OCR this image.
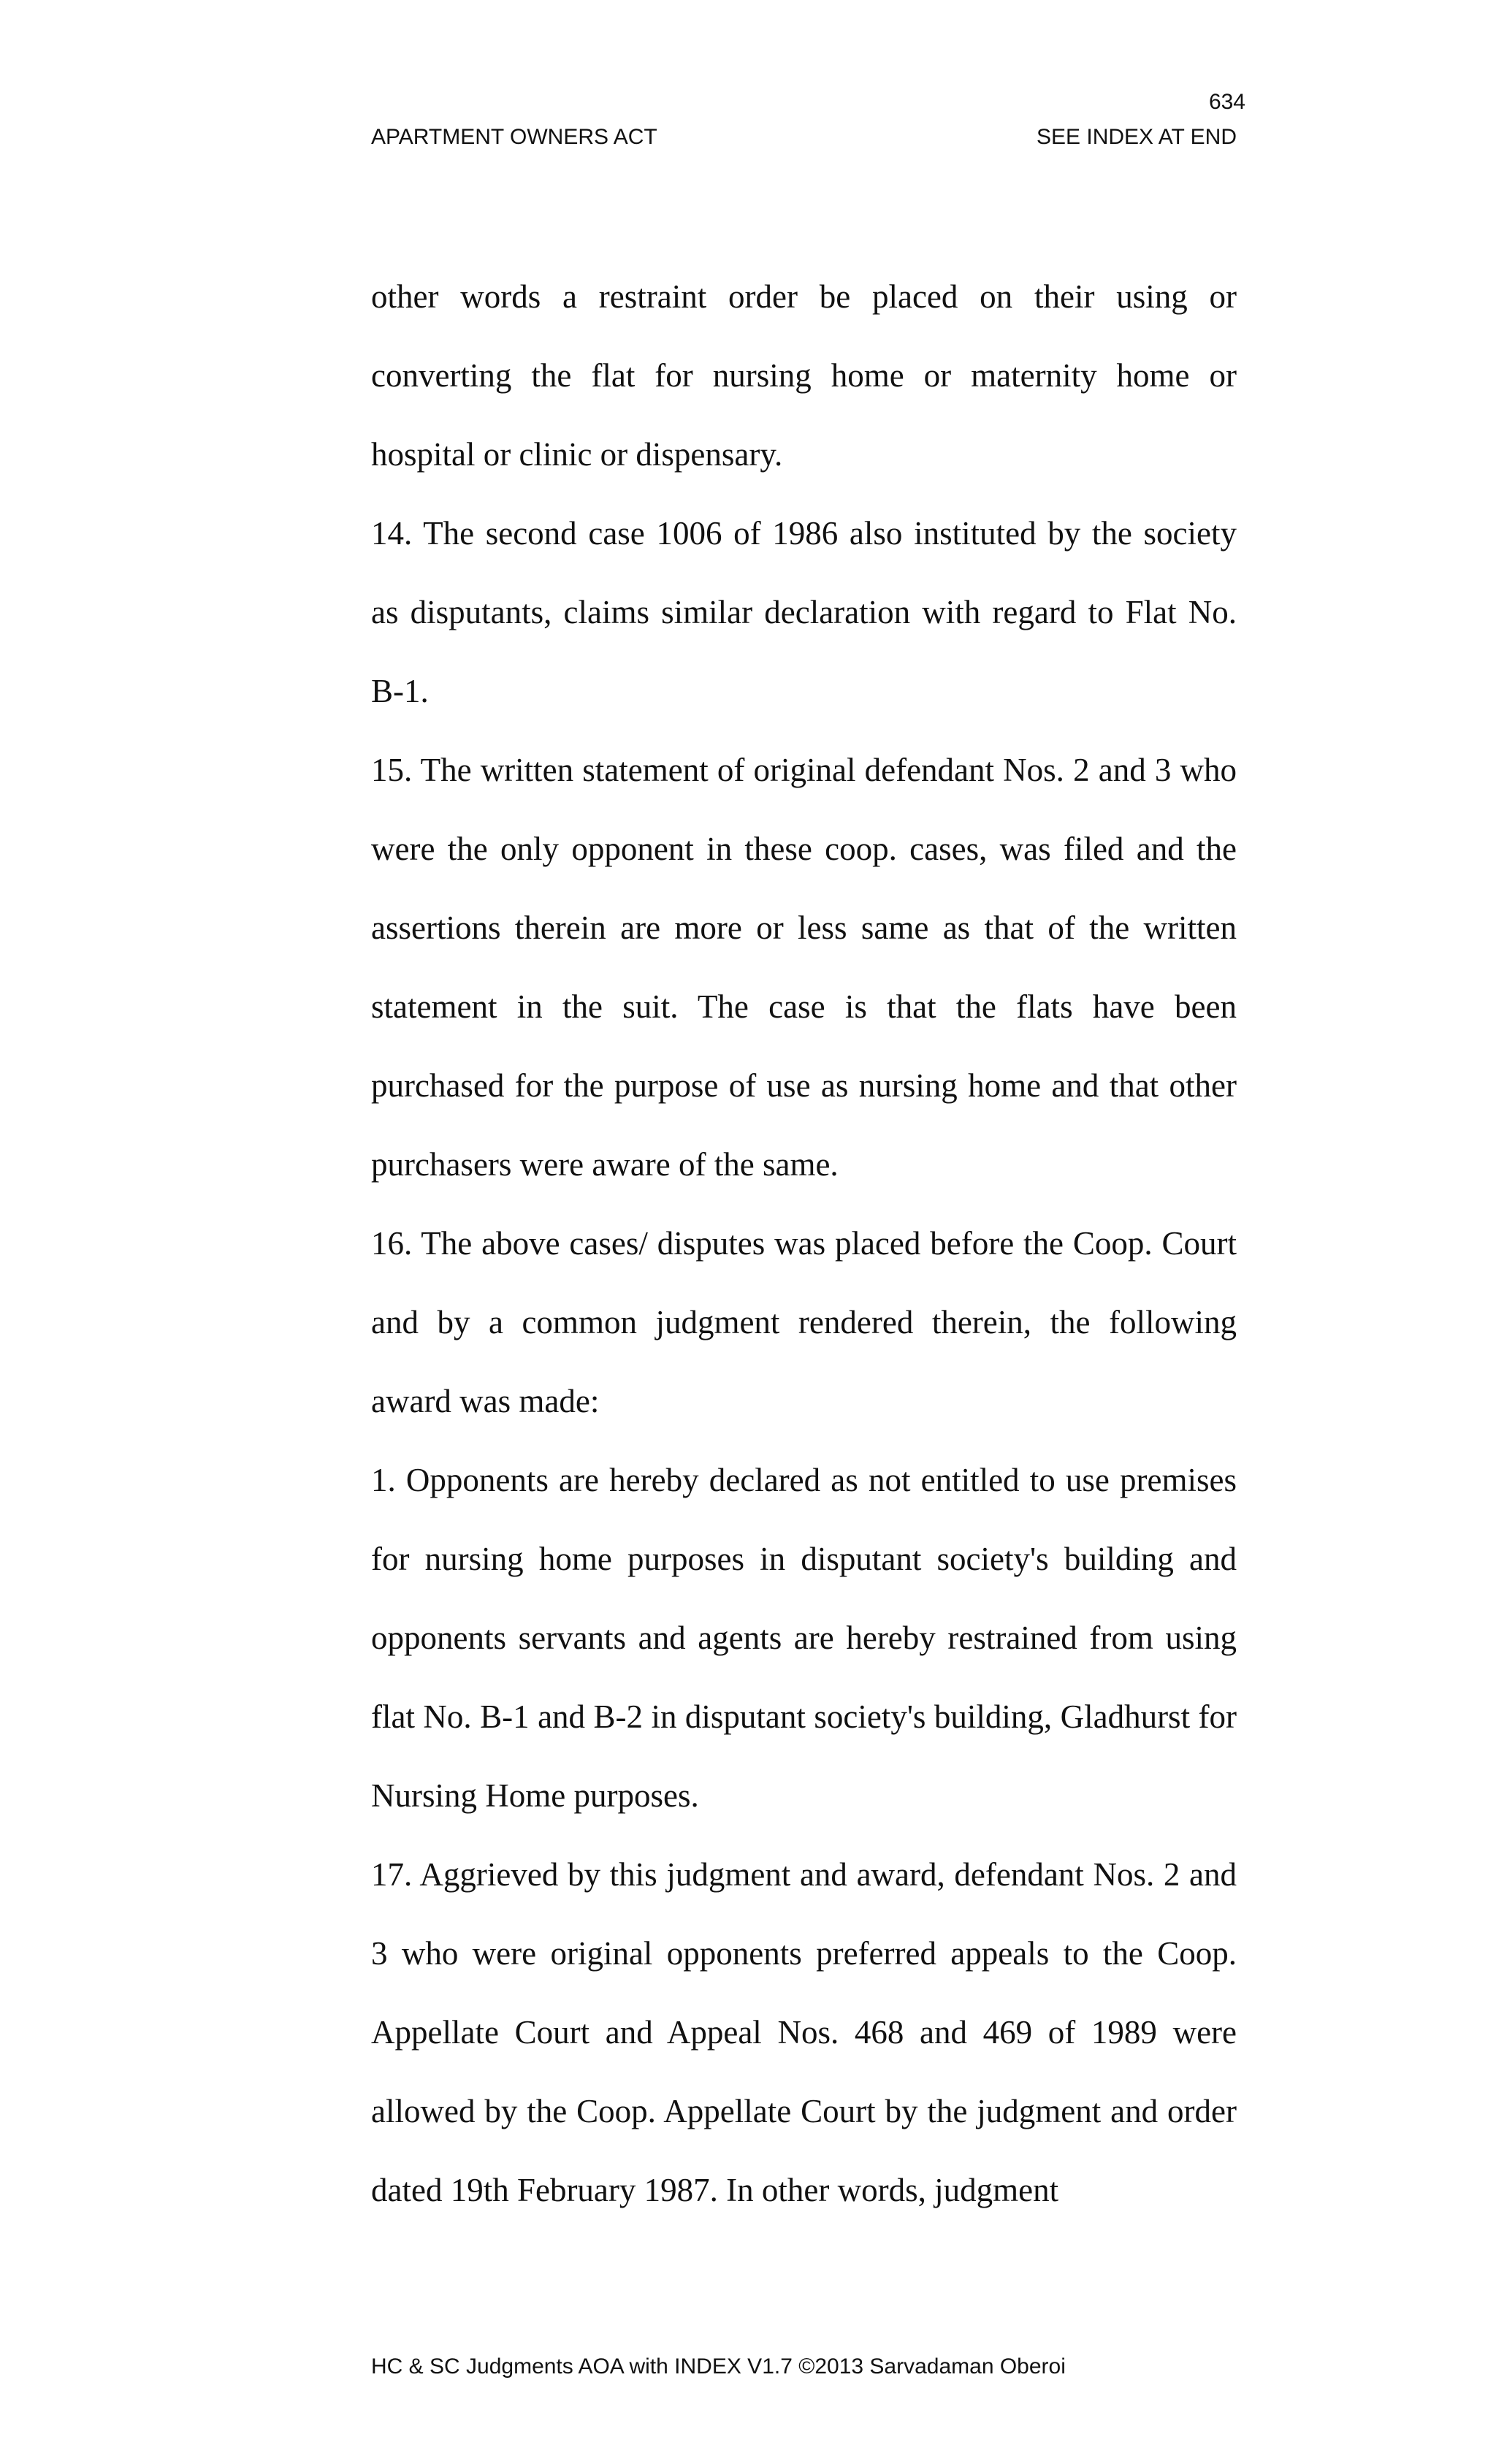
634
APARTMENT OWNERS ACT	SEE INDEX AT END

other words a restraint order be placed on their using or converting the flat for nursing home or maternity home or hospital or clinic or dispensary.

14. The second case 1006 of 1986 also instituted by the society as disputants, claims similar declaration with regard to Flat No. B-1.

15. The written statement of original defendant Nos. 2 and 3 who were the only opponent in these coop. cases, was filed and the assertions therein are more or less same as that of the written statement in the suit. The case is that the flats have been purchased for the purpose of use as nursing home and that other purchasers were aware of the same.

16. The above cases/ disputes was placed before the Coop. Court and by a common judgment rendered therein, the following award was made:

1. Opponents are hereby declared as not entitled to use premises for nursing home purposes in disputant society's building and opponents servants and agents are hereby restrained from using flat No. B-1 and B-2 in disputant society's building, Gladhurst for Nursing Home purposes.

17. Aggrieved by this judgment and award, defendant Nos. 2 and 3 who were original opponents preferred appeals to the Coop. Appellate Court and Appeal Nos. 468 and 469 of 1989 were allowed by the Coop. Appellate Court by the judgment and order dated 19th February 1987. In other words, judgment

HC & SC Judgments AOA with INDEX V1.7 ©2013 Sarvadaman Oberoi
